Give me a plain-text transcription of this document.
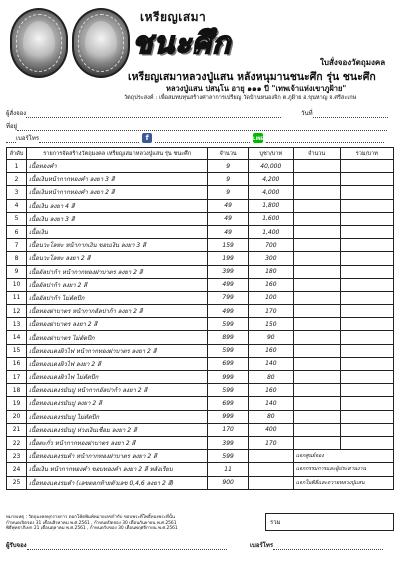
เหรียญเสมา
ชนะศึก
ใบสั่งจองวัตถุมงคล
เหรียญเสมาหลวงปู่แสน หลังหนุมานชนะศึก รุ่น ชนะศึก
หลวงปู่แสน ปสนฺโน อายุ ๑๑๑ ปี "เทพเจ้าแห่งเขาภูฝ้าย"
วัตถุประสงค์ : เพื่อสมทบทุนสร้างศาลาการเปรียญ วัดบ้านหนองจิก ต.ภูฝ้าย อ.ขุนหาญ จ.ศรีสะเกษ
ผู้สั่งจอง	วันที่
ที่อยู่
เบอร์โทร	f	LINE
ลำดับ	รายการจัดสร้างวัตถุมงคล เหรียญเสมาหลวงปู่แสน รุ่น ชนะศึก	จำนวน	บูชา/บาท	จำนวน	รวม/บาท
1	เนื้อทองคำ	9	40,000		
2	เนื้อเงินหน้ากากทองคำ ลงยา 3 สี	9	4,200		
3	เนื้อเงินหน้ากากทองคำ ลงยา 2 สี	9	4,000		
4	เนื้อเงิน ลงยา 4 สี	49	1,800		
5	เนื้อเงิน ลงยา 3 สี	49	1,600		
6	เนื้อเงิน	49	1,400		
7	เนื้อนวะโลหะ หน้ากากเงิน ขอบเงิน ลงยา 3 สี	159	700		
8	เนื้อนวะโลหะ ลงยา 2 สี	199	300		
9	เนื้ออัลปาก้า หน้ากากทองฝาบาตร ลงยา 2 สี	399	180		
10	เนื้ออัลปาก้า ลงยา 2 สี	499	160		
11	เนื้ออัลปาก้า ไม่ตัดปีก	799	100		
12	เนื้อทองฝาบาตร หน้ากากอัลปาก้า ลงยา 2 สี	499	170		
13	เนื้อทองฝาบาตร ลงยา 2 สี	599	150		
14	เนื้อทองฝาบาตร ไม่ตัดปีก	899	90		
15	เนื้อทองแดงผิวไฟ หน้ากากทองฝาบาตร ลงยา 2 สี	599	160		
16	เนื้อทองแดงผิวไฟ ลงยา 2 สี	699	140		
17	เนื้อทองแดงผิวไฟ ไม่ตัดปีก	999	80		
18	เนื้อทองแดงรมันปู หน้ากากอัลปาก้า ลงยา 2 สี	599	160		
19	เนื้อทองแดงรมันปู ลงยา 2 สี	699	140		
20	เนื้อทองแดงรมันปู ไม่ตัดปีก	999	80		
21	เนื้อทองแดงรมันปู ห่วงเงินเชื่อม ลงยา 2 สี	170	400		
22	เนื้อตะกั่ว หน้ากากทองฝาบาตร ลงยา 2 สี	399	170		
23	เนื้อทองแดงรมดำ หน้ากากทองฝาบาตร ลงยา 2 สี	599		แจกศูนย์จอง	
24	เนื้อเงิน หน้ากากทองคำ ขอบทองคำ ลงยา 2 สี หลังเรียบ	11		แจกกรรมการและผู้ประสานงาน	
25	เนื้อทองแดงรมดำ (เลขตอกท้ายตัวเลข 0,4,6 ลงยา 2 สี)	900		แจกในพิธีและถวายหลวงปู่แสน	
หมายเหตุ : วัตถุมงคลทุกรายการ ตอกโค้ดพิมพ์หมายเลขกำกับ ขอบพระที่โพธิ์ทองพระที่นั้น
กำหนดเปิดจอง 31 เดือนสิงหาคม พ.ศ.2561 , กำหนดปิดจอง 30 เดือนกันยายน พ.ศ.2561
พิธีพุทธาภิเษก 21 เดือนตุลาคม พ.ศ.2561 , กำหนดรับของ 30 เดือนพฤศจิกายน พ.ศ.2561
รวม
ผู้รับจอง	เบอร์โทร
